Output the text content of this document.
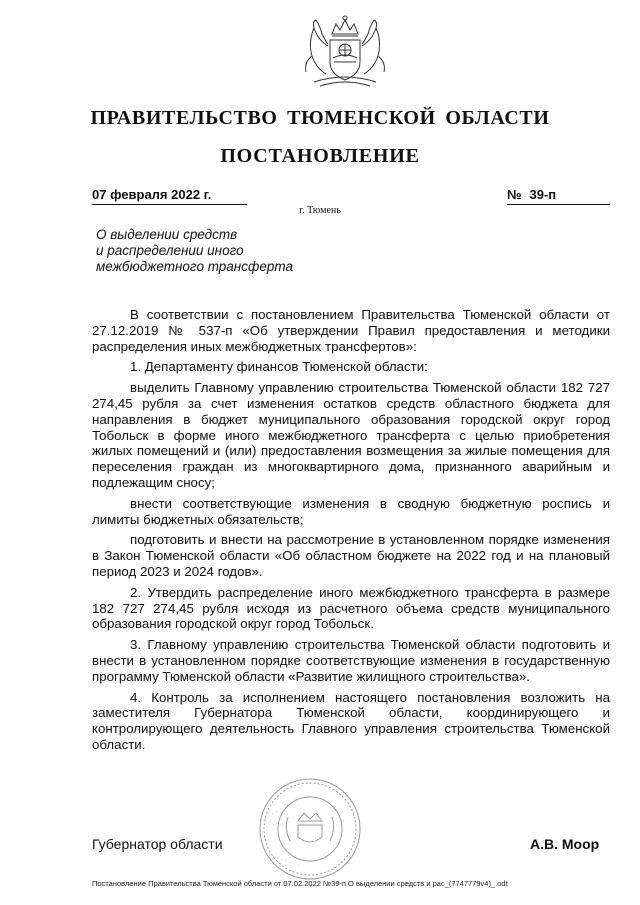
ПРАВИТЕЛЬСТВО ТЮМЕНСКОЙ ОБЛАСТИ
ПОСТАНОВЛЕНИЕ
07 февраля 2022 г.	№ 39-п
г. Тюмень
О выделении средств
и распределении иного
межбюджетного трансферта

В соответствии с постановлением Правительства Тюменской области от 27.12.2019 № 537-п «Об утверждении Правил предоставления и методики распределения иных межбюджетных трансфертов»:

1. Департаменту финансов Тюменской области:

выделить Главному управлению строительства Тюменской области 182 727 274,45 рубля за счет изменения остатков средств областного бюджета для направления в бюджет муниципального образования городской округ город Тобольск в форме иного межбюджетного трансферта с целью приобретения жилых помещений и (или) предоставления возмещения за жилые помещения для переселения граждан из многоквартирного дома, признанного аварийным и подлежащим сносу;

внести соответствующие изменения в сводную бюджетную роспись и лимиты бюджетных обязательств;

подготовить и внести на рассмотрение в установленном порядке изменения в Закон Тюменской области «Об областном бюджете на 2022 год и на плановый период 2023 и 2024 годов».

2. Утвердить распределение иного межбюджетного трансферта в размере 182 727 274,45 рубля исходя из расчетного объема средств муниципального образования городской округ город Тобольск.

3. Главному управлению строительства Тюменской области подготовить и внести в установленном порядке соответствующие изменения в государственную программу Тюменской области «Развитие жилищного строительства».

4. Контроль за исполнением настоящего постановления возложить на заместителя Губернатора Тюменской области, координирующего и контролирующего деятельность Главного управления строительства Тюменской области.

· · · · · · · · ·
· · · · · · · ·
Губернатор области	А.В. Моор
Постановление Правительства Тюменской области от 07.02.2022 №39-п О выделении средств и рас_(7747779v4)_.odt
